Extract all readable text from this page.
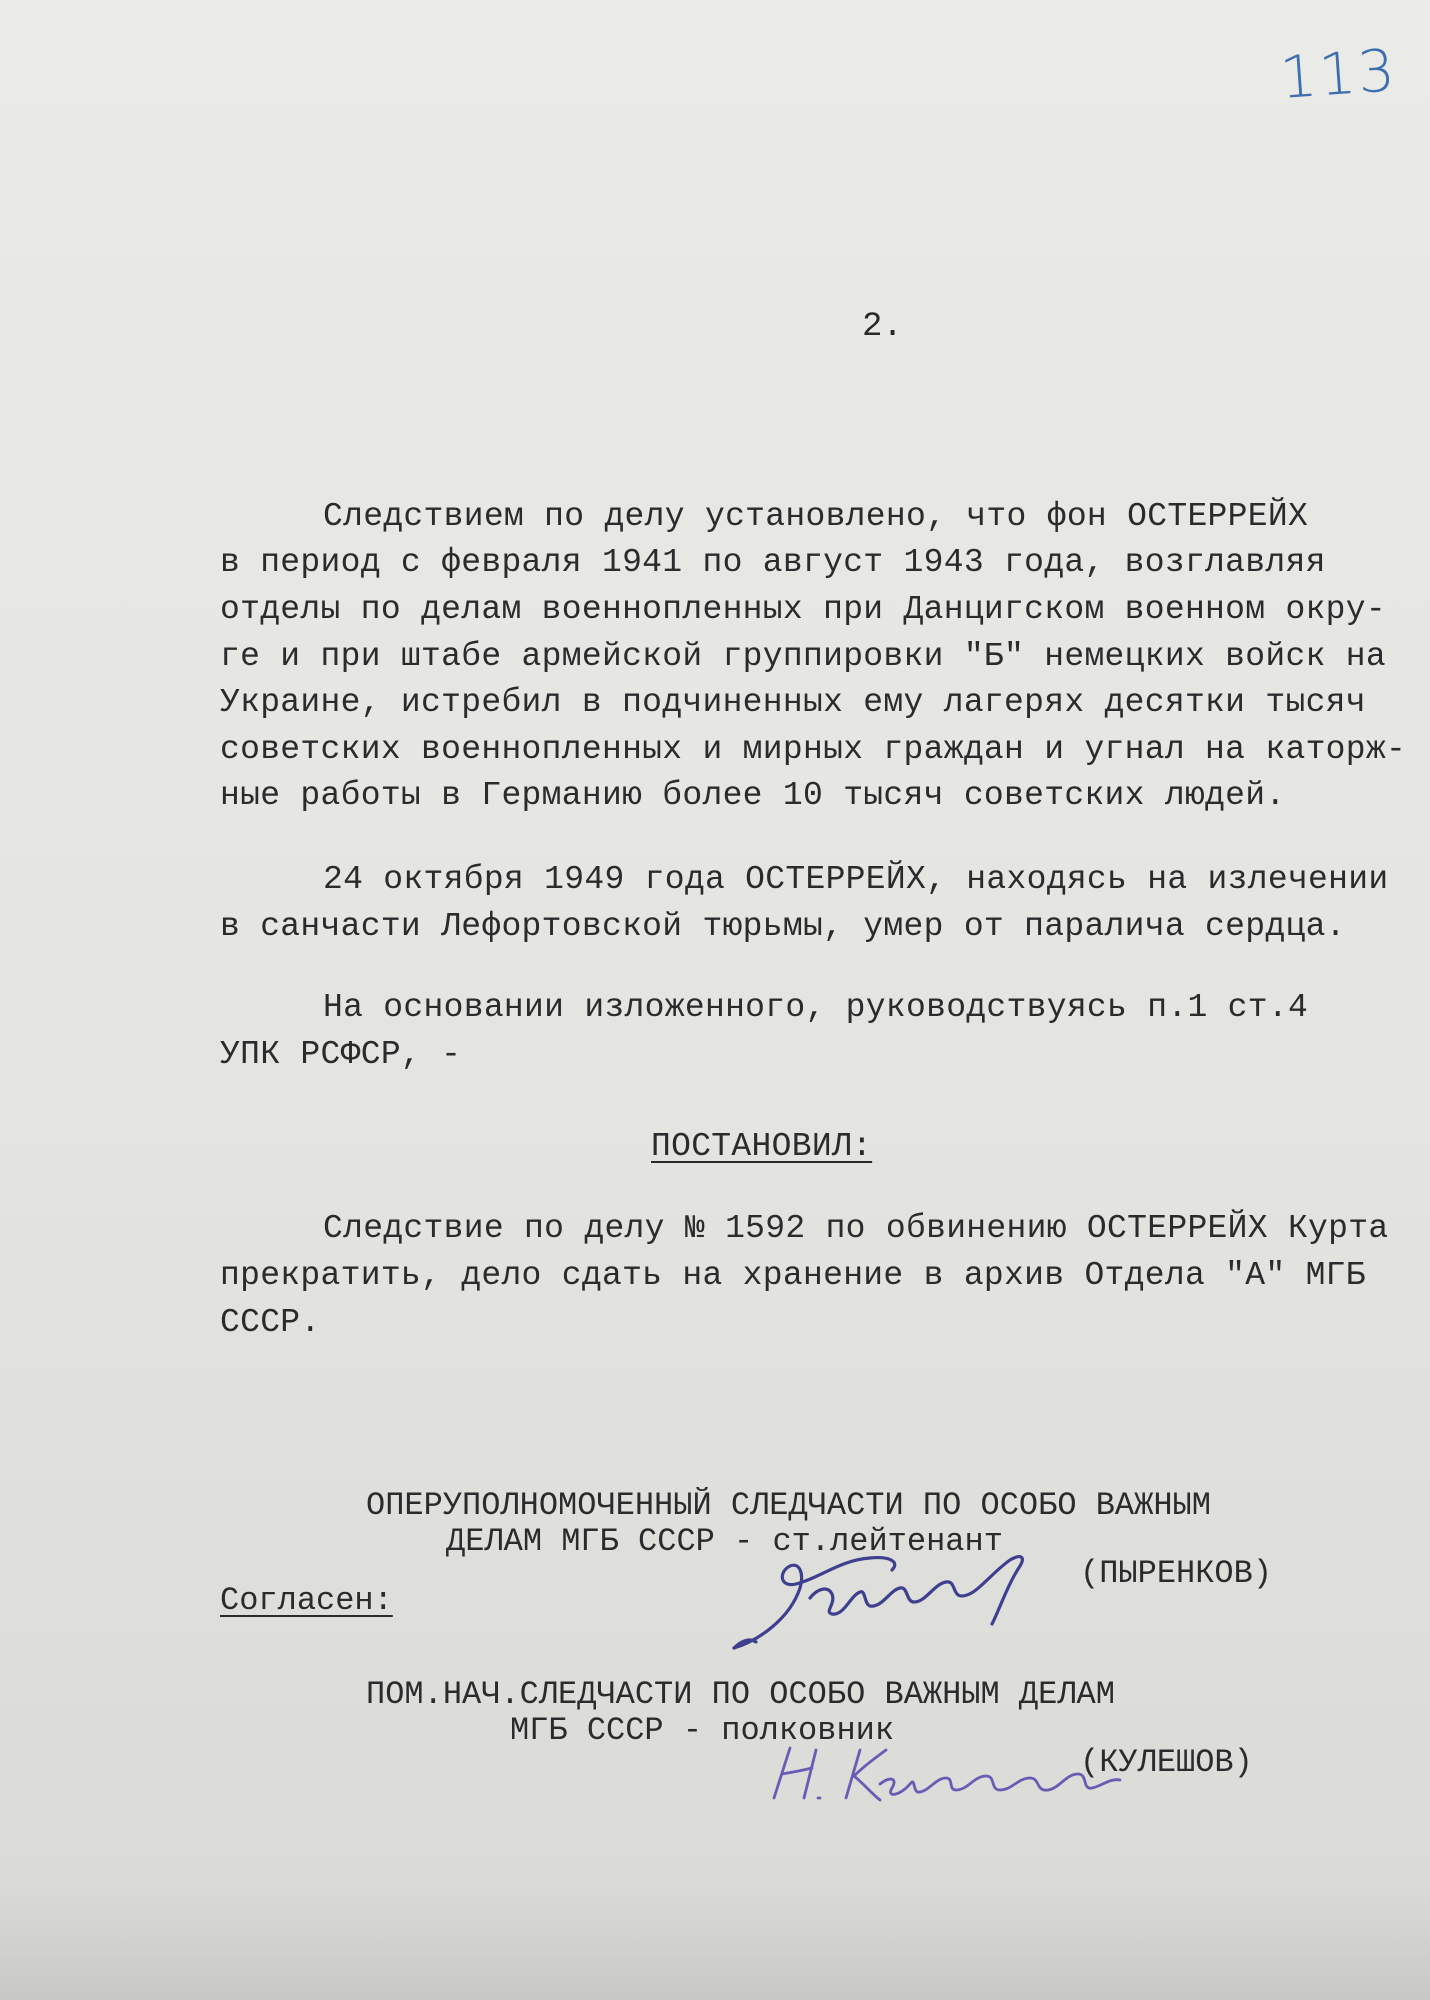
113
2.
Следствием по делу установлено, что фон ОСТЕРРЕЙХ
в период с февраля 1941 по август 1943 года, возглавляя
отделы по делам военнопленных при Данцигском военном окру-
ге и при штабе армейской группировки "Б" немецких войск на
Украине, истребил в подчиненных ему лагерях десятки тысяч
советских военнопленных и мирных граждан и угнал на каторж-
ные работы в Германию более 10 тысяч советских людей.
24 октября 1949 года ОСТЕРРЕЙХ, находясь на излечении
в санчасти Лефортовской тюрьмы, умер от паралича сердца.
На основании изложенного, руководствуясь п.1 ст.4
УПК РСФСР, -
ПОСТАНОВИЛ:
Следствие по делу № 1592 по обвинению ОСТЕРРЕЙХ Курта
прекратить, дело сдать на хранение в архив Отдела "А" МГБ
СССР.
ОПЕРУПОЛНОМОЧЕННЫЙ СЛЕДЧАСТИ ПО ОСОБО ВАЖНЫМ
ДЕЛАМ МГБ СССР - ст.лейтенант
(ПЫРЕНКОВ)
Согласен:
ПОМ.НАЧ.СЛЕДЧАСТИ ПО ОСОБО ВАЖНЫМ ДЕЛАМ
МГБ СССР - полковник
(КУЛЕШОВ)
